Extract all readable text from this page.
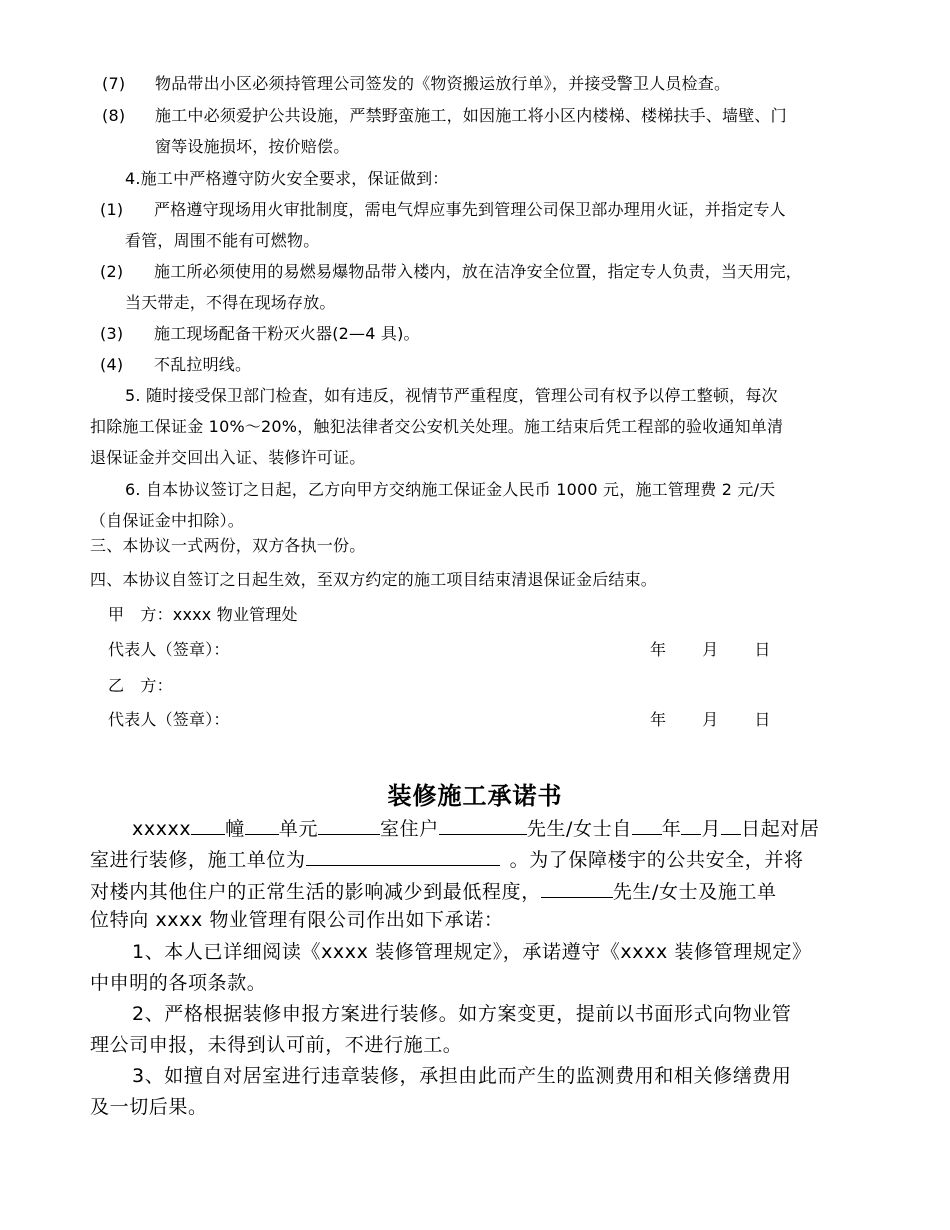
(7) 物品带出小区必须持管理公司签发的《物资搬运放行单》，并接受警卫人员检查。
(8) 施工中必须爱护公共设施，严禁野蛮施工，如因施工将小区内楼梯、楼梯扶手、墙壁、门
窗等设施损坏，按价赔偿。
4.施工中严格遵守防火安全要求，保证做到：
(1) 严格遵守现场用火审批制度，需电气焊应事先到管理公司保卫部办理用火证，并指定专人
看管，周围不能有可燃物。
(2) 施工所必须使用的易燃易爆物品带入楼内，放在洁净安全位置，指定专人负责，当天用完，
当天带走，不得在现场存放。
(3) 施工现场配备干粉灭火器(2—4 具)。
(4) 不乱拉明线。
5. 随时接受保卫部门检查，如有违反，视情节严重程度，管理公司有权予以停工整顿，每次
扣除施工保证金 10%～20%，触犯法律者交公安机关处理。施工结束后凭工程部的验收通知单清
退保证金并交回出入证、装修许可证。
6. 自本协议签订之日起，乙方向甲方交纳施工保证金人民币 1000 元，施工管理费 2 元/天
（自保证金中扣除）。
三、本协议一式两份，双方各执一份。
四、本协议自签订之日起生效，至双方约定的施工项目结束清退保证金后结束。
甲　方：xxxx 物业管理处
代表人（签章）：	年 月 日
乙　方：
代表人（签章）：	年 月 日
装修施工承诺书
xxxxx 幢 单元	室住户	先生/女士自 年 月 日起对居
室进行装修，施工单位为	。为了保障楼宇的公共安全，并将
对楼内其他住户的正常生活的影响减少到最低程度，	先生/女士及施工单
位特向 xxxx 物业管理有限公司作出如下承诺：
1、本人已详细阅读《xxxx 装修管理规定》，承诺遵守《xxxx 装修管理规定》
中申明的各项条款。
2、严格根据装修申报方案进行装修。如方案变更，提前以书面形式向物业管
理公司申报，未得到认可前，不进行施工。
3、如擅自对居室进行违章装修，承担由此而产生的监测费用和相关修缮费用
及一切后果。
